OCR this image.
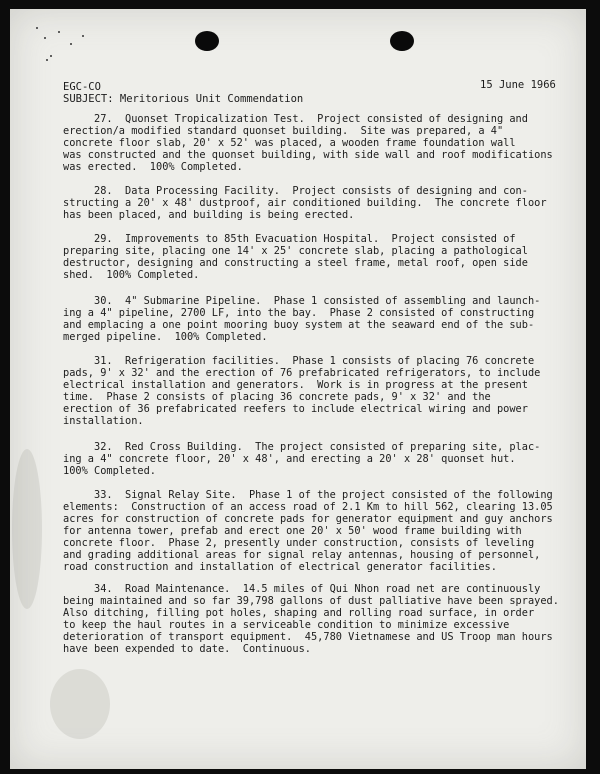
EGC-CO	15 June 1966
SUBJECT: Meritorious Unit Commendation
27.  Quonset Tropicalization Test.  Project consisted of designing and
erection/a modified standard quonset building.  Site was prepared, a 4"
concrete floor slab, 20' x 52' was placed, a wooden frame foundation wall
was constructed and the quonset building, with side wall and roof modifications
was erected.  100% Completed.
28.  Data Processing Facility.  Project consists of designing and con-
structing a 20' x 48' dustproof, air conditioned building.  The concrete floor
has been placed, and building is being erected.
29.  Improvements to 85th Evacuation Hospital.  Project consisted of
preparing site, placing one 14' x 25' concrete slab, placing a pathological
destructor, designing and constructing a steel frame, metal roof, open side
shed.  100% Completed.
30.  4" Submarine Pipeline.  Phase 1 consisted of assembling and launch-
ing a 4" pipeline, 2700 LF, into the bay.  Phase 2 consisted of constructing
and emplacing a one point mooring buoy system at the seaward end of the sub-
merged pipeline.  100% Completed.
31.  Refrigeration facilities.  Phase 1 consists of placing 76 concrete
pads, 9' x 32' and the erection of 76 prefabricated refrigerators, to include
electrical installation and generators.  Work is in progress at the present
time.  Phase 2 consists of placing 36 concrete pads, 9' x 32' and the
erection of 36 prefabricated reefers to include electrical wiring and power
installation.
32.  Red Cross Building.  The project consisted of preparing site, plac-
ing a 4" concrete floor, 20' x 48', and erecting a 20' x 28' quonset hut.
100% Completed.
33.  Signal Relay Site.  Phase 1 of the project consisted of the following
elements:  Construction of an access road of 2.1 Km to hill 562, clearing 13.05
acres for construction of concrete pads for generator equipment and guy anchors
for antenna tower, prefab and erect one 20' x 50' wood frame building with
concrete floor.  Phase 2, presently under construction, consists of leveling
and grading additional areas for signal relay antennas, housing of personnel,
road construction and installation of electrical generator facilities.
34.  Road Maintenance.  14.5 miles of Qui Nhon road net are continuously
being maintained and so far 39,798 gallons of dust palliative have been sprayed.
Also ditching, filling pot holes, shaping and rolling road surface, in order
to keep the haul routes in a serviceable condition to minimize excessive
deterioration of transport equipment.  45,780 Vietnamese and US Troop man hours
have been expended to date.  Continuous.
